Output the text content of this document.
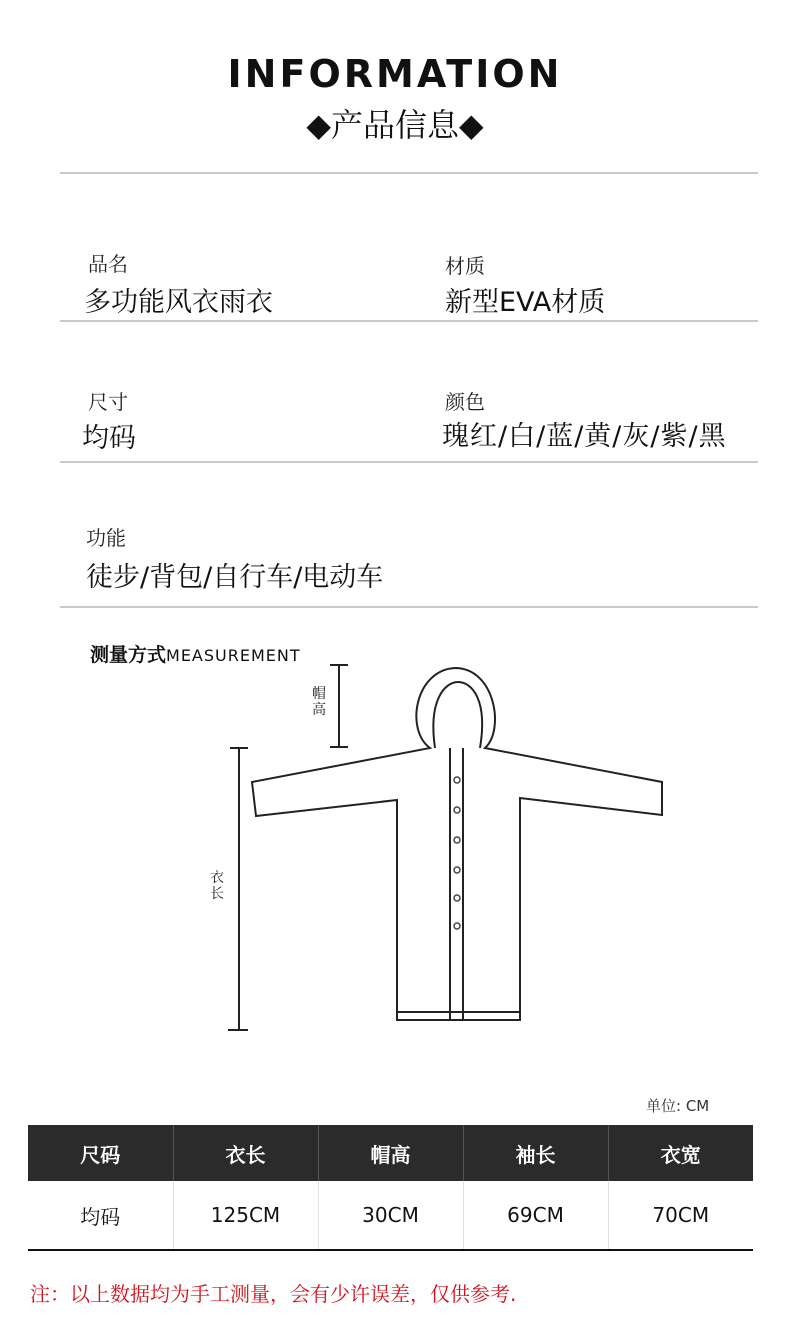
INFORMATION
◆产品信息◆
品名
多功能风衣雨衣
材质
新型EVA材质
尺寸
均码
颜色
瑰红/白/蓝/黄/灰/紫/黑
功能
徒步/背包/自行车/电动车
测量方式MEASUREMENT
帽高
衣长
单位: CM
尺码	衣长	帽高	袖长	衣宽
均码	125CM	30CM	69CM	70CM
注：以上数据均为手工测量，会有少许误差，仅供参考.
